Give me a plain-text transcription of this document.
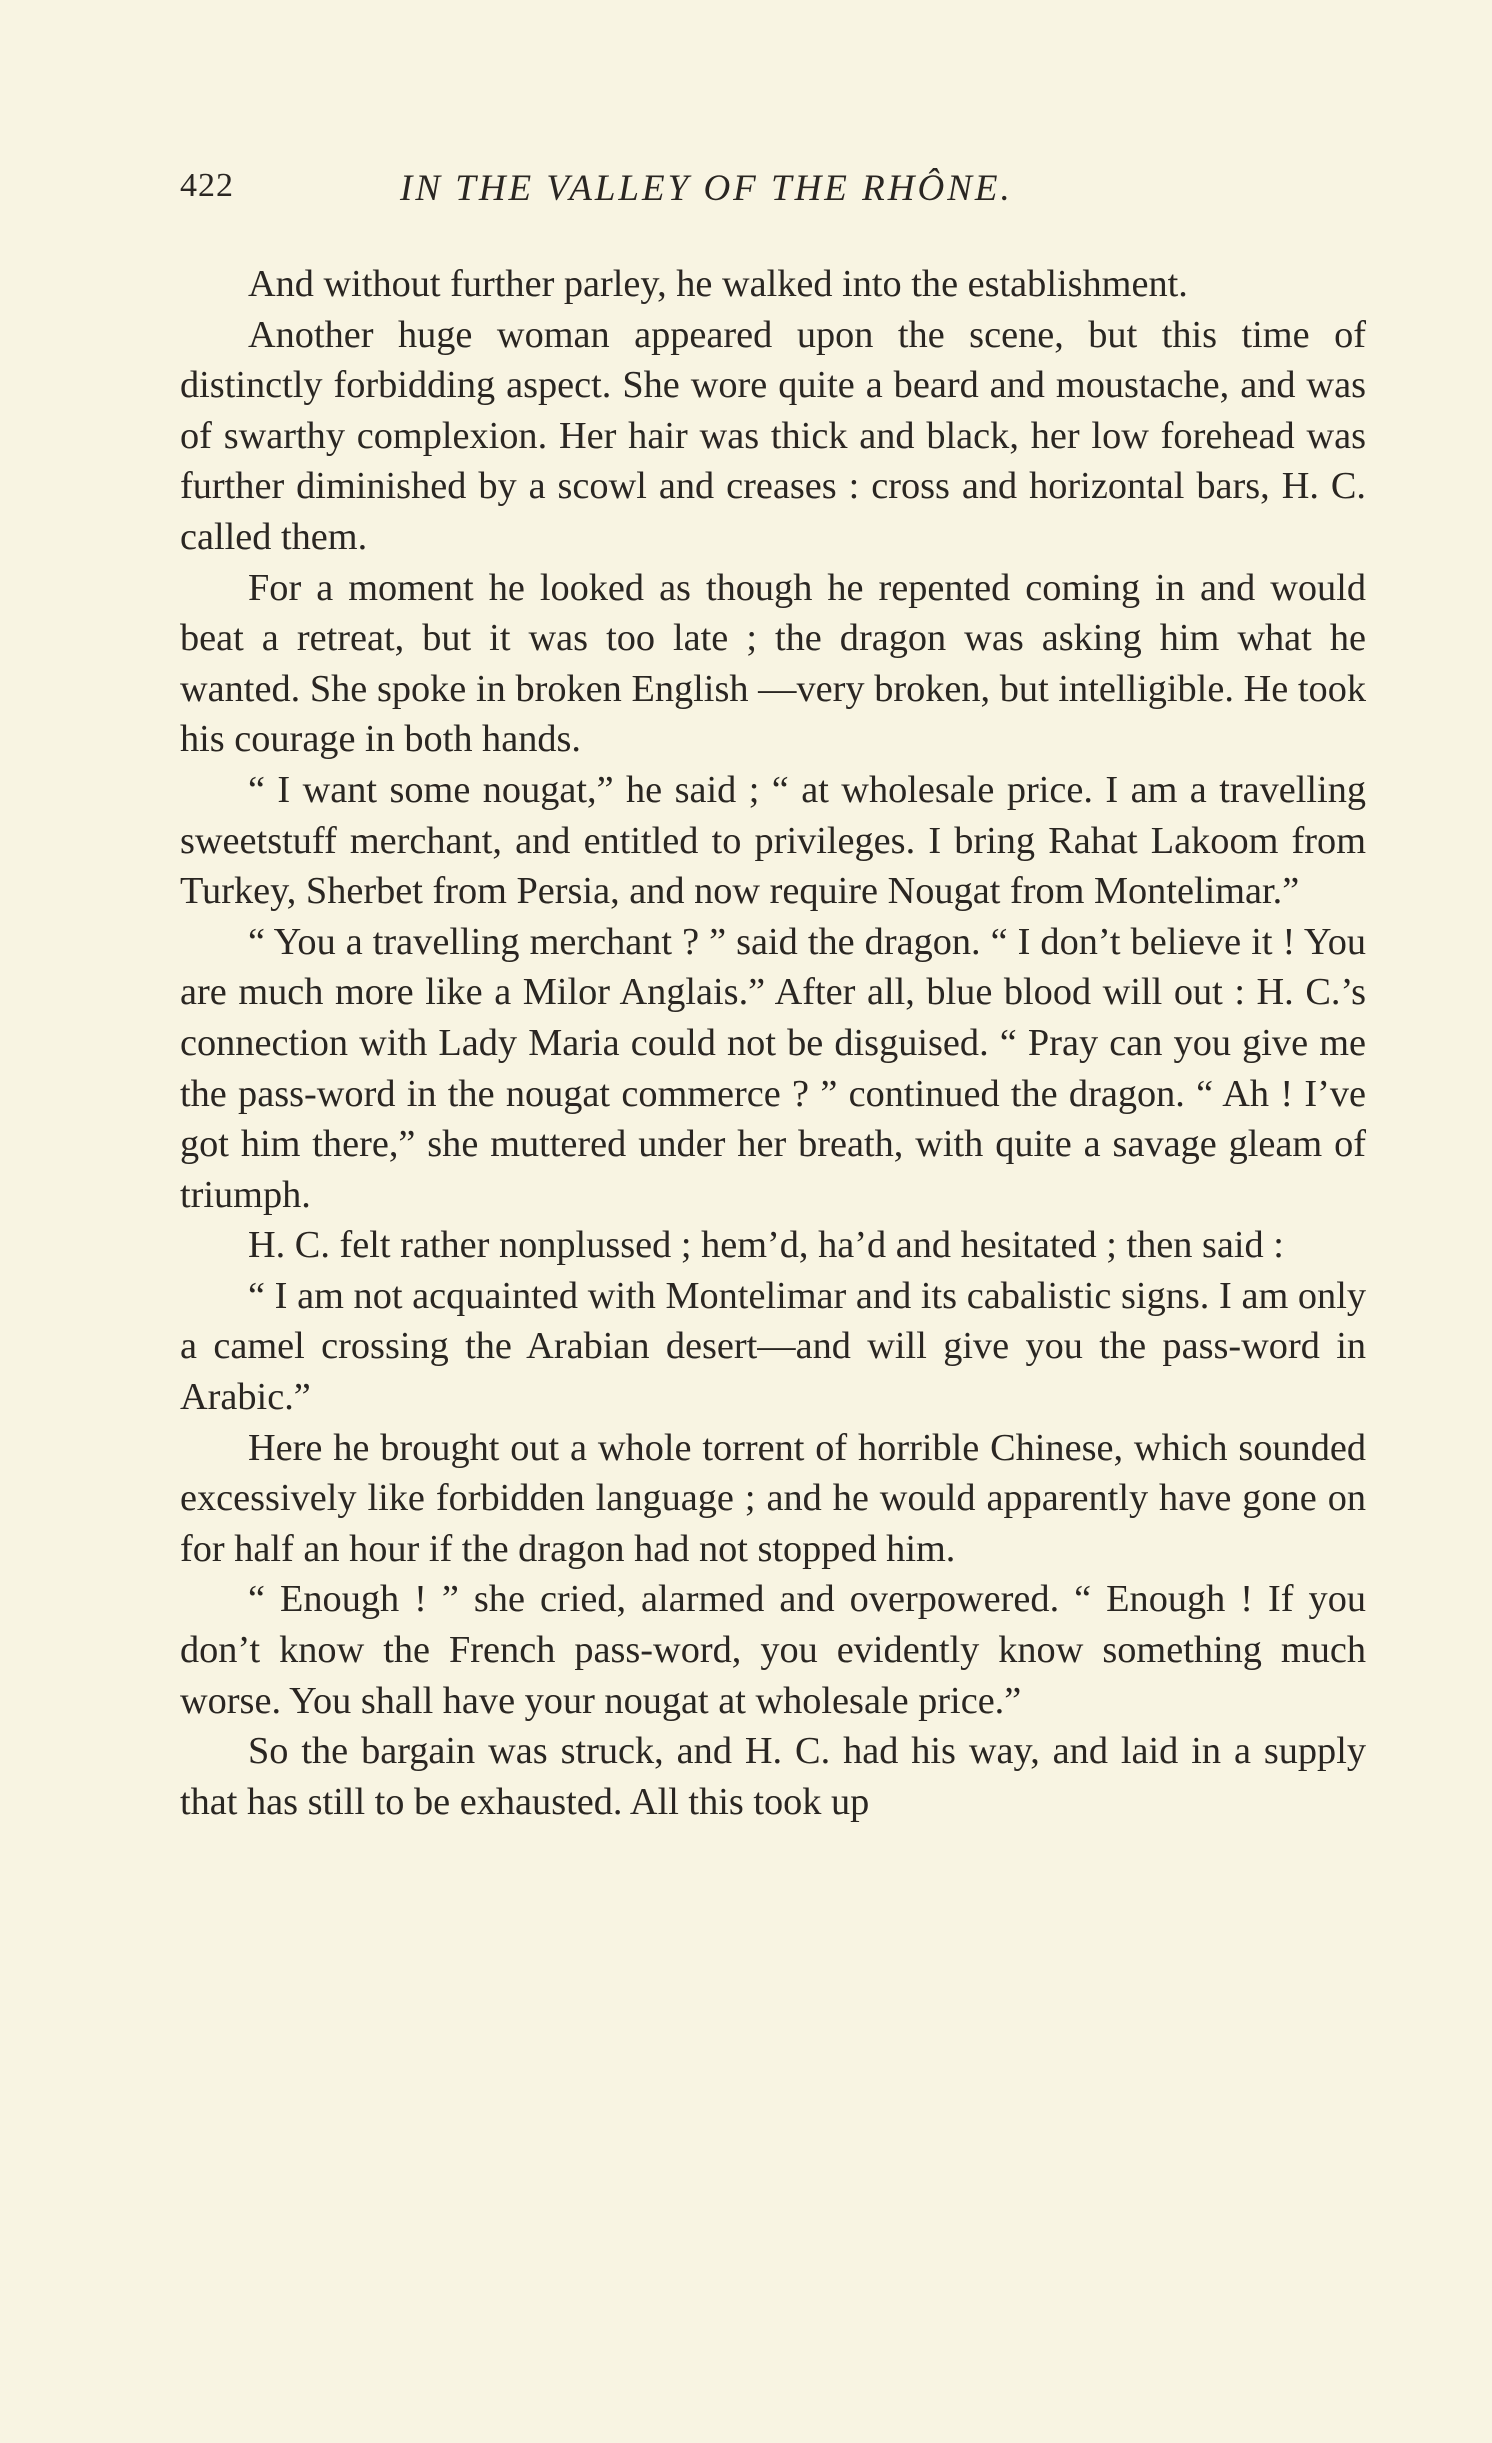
422	IN THE VALLEY OF THE RHÔNE.

And without further parley, he walked into the establishment.

Another huge woman appeared upon the scene, but this time of distinctly forbidding aspect. She wore quite a beard and moustache, and was of swarthy complexion. Her hair was thick and black, her low forehead was further diminished by a scowl and creases : cross and horizontal bars, H. C. called them.

For a moment he looked as though he repented coming in and would beat a retreat, but it was too late ; the dragon was asking him what he wanted. She spoke in broken English —very broken, but intelligible. He took his courage in both hands.

“ I want some nougat,” he said ; “ at wholesale price. I am a travelling sweetstuff merchant, and entitled to privileges. I bring Rahat Lakoom from Turkey, Sherbet from Persia, and now require Nougat from Montelimar.”

“ You a travelling merchant ? ” said the dragon. “ I don’t believe it ! You are much more like a Milor Anglais.” After all, blue blood will out : H. C.’s connection with Lady Maria could not be disguised. “ Pray can you give me the pass-word in the nougat commerce ? ” continued the dragon. “ Ah ! I’ve got him there,” she muttered under her breath, with quite a savage gleam of triumph.

H. C. felt rather nonplussed ; hem’d, ha’d and hesitated ; then said :

“ I am not acquainted with Montelimar and its cabalistic signs. I am only a camel crossing the Arabian desert—and will give you the pass-word in Arabic.”

Here he brought out a whole torrent of horrible Chinese, which sounded excessively like forbidden language ; and he would apparently have gone on for half an hour if the dragon had not stopped him.

“ Enough ! ” she cried, alarmed and overpowered. “ Enough ! If you don’t know the French pass-word, you evidently know something much worse. You shall have your nougat at wholesale price.”

So the bargain was struck, and H. C. had his way, and laid in a supply that has still to be exhausted. All this took up
